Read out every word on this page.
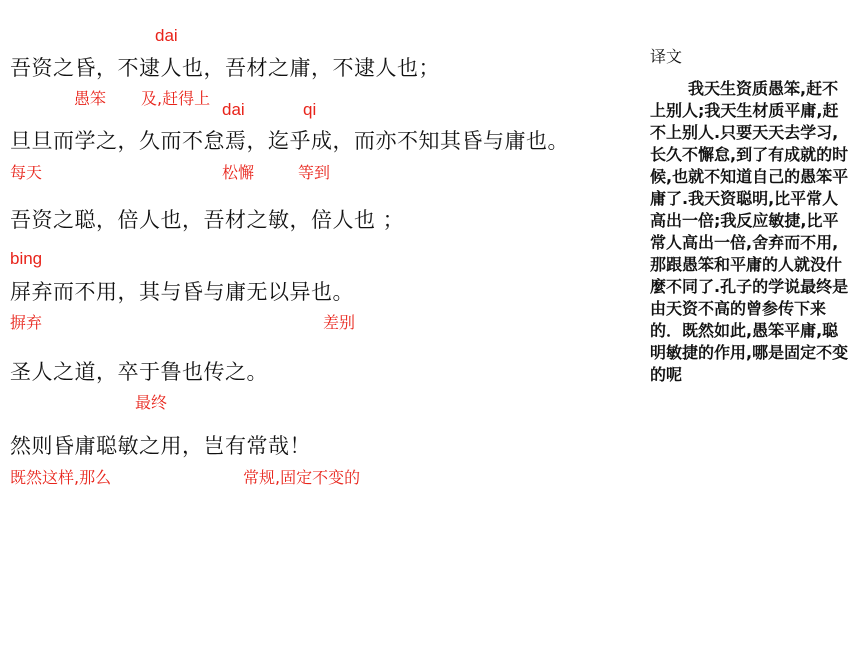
dai
吾资之昏，不逮人也，吾材之庸，不逮人也；
愚笨 及,赶得上
dai	qi
旦旦而学之，久而不怠焉，迄乎成，而亦不知其昏与庸也。
每天	松懈	等到
吾资之聪，倍人也，吾材之敏，倍人也 ；
bing
屏弃而不用，其与昏与庸无以异也。
摒弃	差别
圣人之道，卒于鲁也传之。
最终
然则昏庸聪敏之用，岂有常哉！
既然这样,那么	常规,固定不变的
译文
我天生资质愚笨,赶不上别人;我天生材质平庸,赶不上别人.只要天天去学习,长久不懈怠,到了有成就的时候,也就不知道自己的愚笨平庸了.我天资聪明,比平常人高出一倍;我反应敏捷,比平常人高出一倍,舍弃而不用,那跟愚笨和平庸的人就没什麼不同了.孔子的学说最终是由天资不高的曾参传下来的．既然如此,愚笨平庸,聪明敏捷的作用,哪是固定不变的呢
